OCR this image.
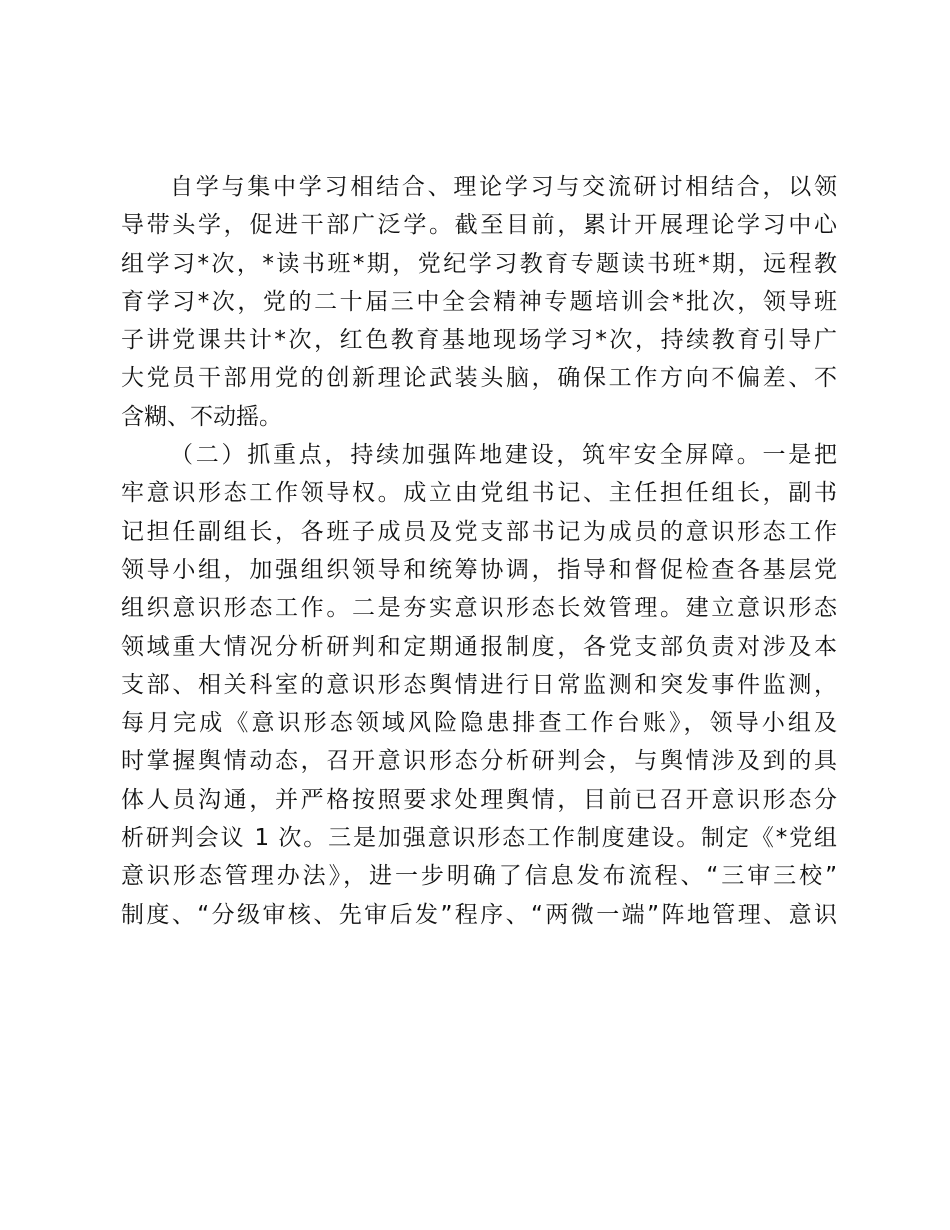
自学与集中学习相结合、理论学习与交流研讨相结合，以领
导带头学，促进干部广泛学。截至目前，累计开展理论学习中心
组学习*次，*读书班*期，党纪学习教育专题读书班*期，远程教
育学习*次，党的二十届三中全会精神专题培训会*批次，领导班
子讲党课共计*次，红色教育基地现场学习*次，持续教育引导广
大党员干部用党的创新理论武装头脑，确保工作方向不偏差、不
含糊、不动摇。
（二）抓重点，持续加强阵地建设，筑牢安全屏障。一是把
牢意识形态工作领导权。成立由党组书记、主任担任组长，副书
记担任副组长，各班子成员及党支部书记为成员的意识形态工作
领导小组，加强组织领导和统筹协调，指导和督促检查各基层党
组织意识形态工作。二是夯实意识形态长效管理。建立意识形态
领域重大情况分析研判和定期通报制度，各党支部负责对涉及本
支部、相关科室的意识形态舆情进行日常监测和突发事件监测，
每月完成《意识形态领域风险隐患排查工作台账》，领导小组及
时掌握舆情动态，召开意识形态分析研判会，与舆情涉及到的具
体人员沟通，并严格按照要求处理舆情，目前已召开意识形态分
析研判会议 1 次。三是加强意识形态工作制度建设。制定《*党组
意识形态管理办法》，进一步明确了信息发布流程、“三审三校”
制度、“分级审核、先审后发”程序、“两微一端”阵地管理、意识
